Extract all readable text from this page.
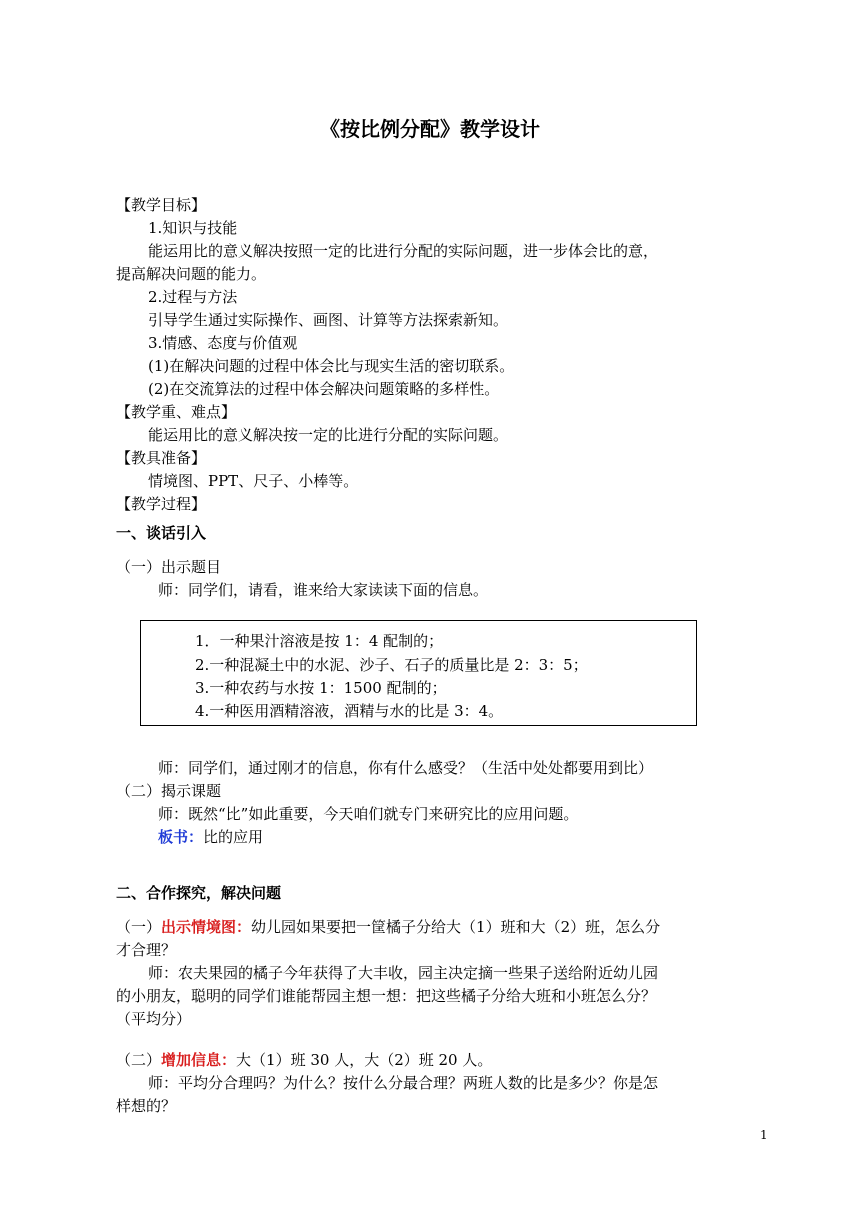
《按比例分配》教学设计
【教学目标】
1.知识与技能
能运用比的意义解决按照一定的比进行分配的实际问题，进一步体会比的意，
提高解决问题的能力。
2.过程与方法
引导学生通过实际操作、画图、计算等方法探索新知。
3.情感、态度与价值观
(1)在解决问题的过程中体会比与现实生活的密切联系。
(2)在交流算法的过程中体会解决问题策略的多样性。
【教学重、难点】
能运用比的意义解决按一定的比进行分配的实际问题。
【教具准备】
情境图、PPT、尺子、小棒等。
【教学过程】
一、谈话引入
（一）出示题目
师：同学们，请看，谁来给大家读读下面的信息。
1．一种果汁溶液是按 1：4 配制的；
2.一种混凝土中的水泥、沙子、石子的质量比是 2：3：5；
3.一种农药与水按 1：1500 配制的；
4.一种医用酒精溶液，酒精与水的比是 3：4。
师：同学们，通过刚才的信息，你有什么感受？（生活中处处都要用到比）
（二）揭示课题
师：既然“比”如此重要，今天咱们就专门来研究比的应用问题。
板书：比的应用
二、合作探究，解决问题
（一）出示情境图：幼儿园如果要把一筐橘子分给大（1）班和大（2）班，怎么分
才合理？
师：农夫果园的橘子今年获得了大丰收，园主决定摘一些果子送给附近幼儿园
的小朋友，聪明的同学们谁能帮园主想一想：把这些橘子分给大班和小班怎么分？
（平均分）
（二）增加信息：大（1）班 30 人，大（2）班 20 人。
师：平均分合理吗？为什么？按什么分最合理？两班人数的比是多少？你是怎
样想的？
1
